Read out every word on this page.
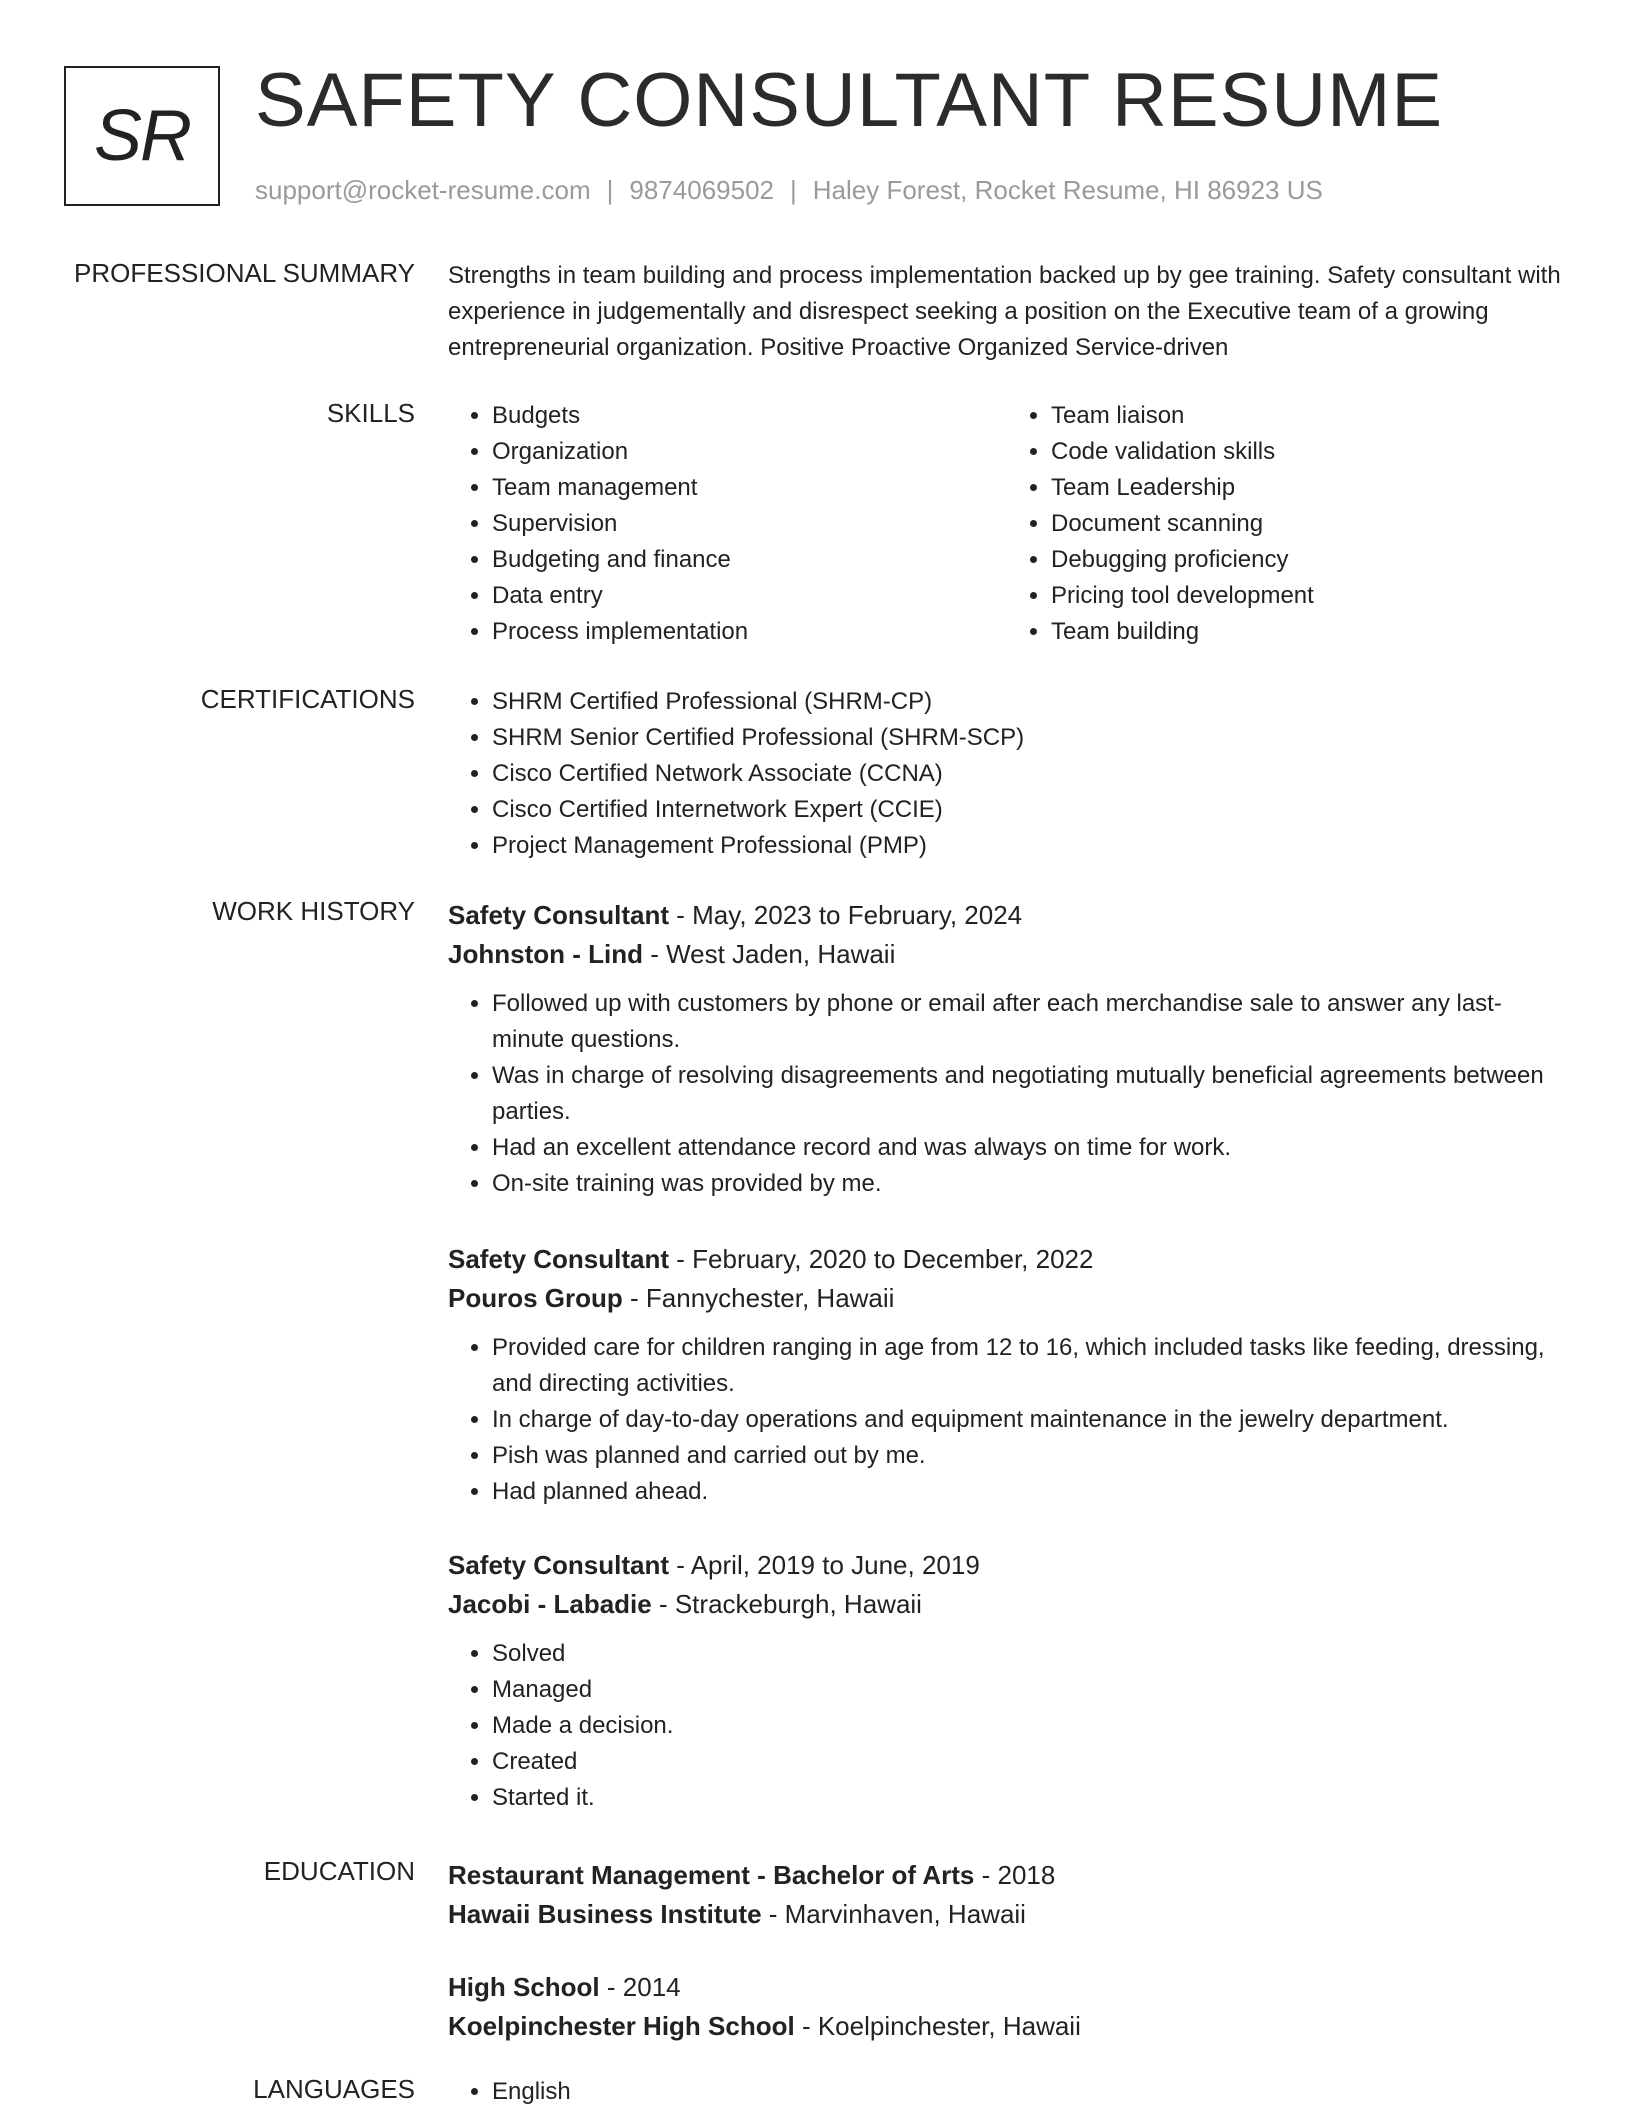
SR SAFETY CONSULTANT RESUME
support@rocket-resume.com | 9874069502 | Haley Forest, Rocket Resume, HI 86923 US
PROFESSIONAL SUMMARY Strengths in team building and process implementation backed up by gee training. Safety consultant with experience in judgementally and disrespect seeking a position on the Executive team of a growing entrepreneurial organization. Positive Proactive Organized Service-driven

SKILLS	• Budgets
• Organization
• Team management
• Supervision
• Budgeting and finance
• Data entry
• Process implementation
• Team liaison
• Code validation skills
• Team Leadership
• Document scanning
• Debugging proficiency
• Pricing tool development
• Team building
CERTIFICATIONS	• SHRM Certified Professional (SHRM-CP)
• SHRM Senior Certified Professional (SHRM-SCP)
• Cisco Certified Network Associate (CCNA)
• Cisco Certified Internetwork Expert (CCIE)
• Project Management Professional (PMP)
WORK HISTORY Safety Consultant - May, 2023 to February, 2024
Johnston - Lind - West Jaden, Hawaii
• Followed up with customers by phone or email after each merchandise sale to answer any last-minute questions.
• Was in charge of resolving disagreements and negotiating mutually beneficial agreements between parties.
• Had an excellent attendance record and was always on time for work.
• On-site training was provided by me.
Safety Consultant - February, 2020 to December, 2022
Pouros Group - Fannychester, Hawaii
• Provided care for children ranging in age from 12 to 16, which included tasks like feeding, dressing, and directing activities.
• In charge of day-to-day operations and equipment maintenance in the jewelry department.
• Pish was planned and carried out by me.
• Had planned ahead.
Safety Consultant - April, 2019 to June, 2019
Jacobi - Labadie - Strackeburgh, Hawaii
• Solved
• Managed
• Made a decision.
• Created
• Started it.
EDUCATION Restaurant Management - Bachelor of Arts - 2018
Hawaii Business Institute - Marvinhaven, Hawaii
High School - 2014
Koelpinchester High School - Koelpinchester, Hawaii
LANGUAGES	• English
